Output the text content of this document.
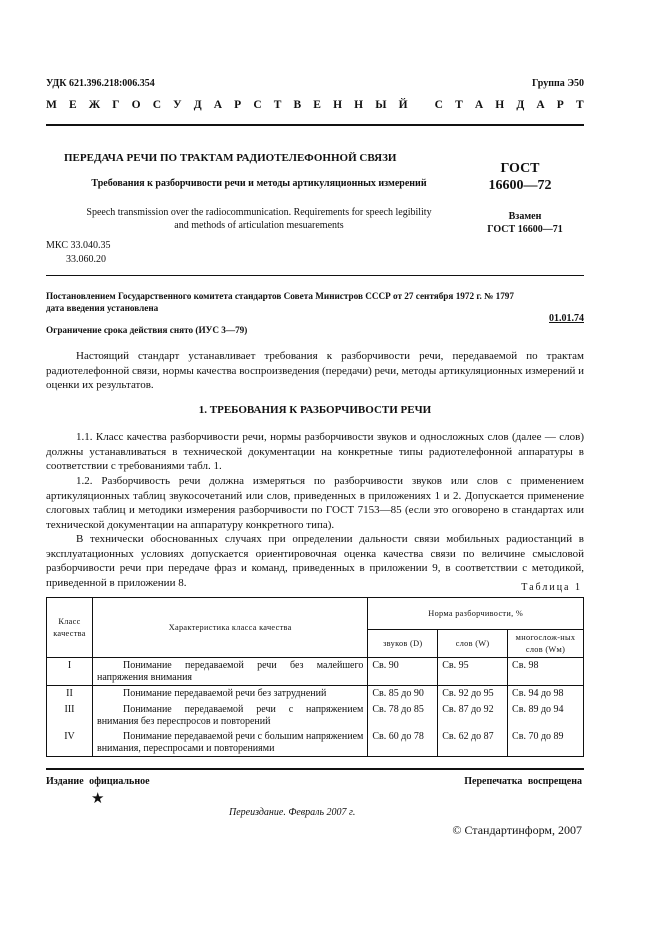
УДК 621.396.218:006.354	Группа Э50
М Е Ж Г О С У Д А Р С Т В Е Н Н Ы Й
С Т А Н Д А Р Т
ПЕРЕДАЧА РЕЧИ ПО ТРАКТАМ РАДИОТЕЛЕФОННОЙ СВЯЗИ
Требования к разборчивости речи и методы артикуляционных измерений
Speech transmission over the radiocommunication. Requirements for speech legibility
and methods of articulation mesuarements
ГОСТ
16600—72
Взамен
ГОСТ 16600—71
МКС 33.040.35
33.060.20
Постановлением Государственного комитета стандартов Совета Министров СССР от 27 сентября 1972 г. № 1797
дата введения установлена
01.01.74
Ограничение срока действия снято (ИУС 3—79)
Настоящий стандарт устанавливает требования к разборчивости речи, передаваемой по трактам радиотелефонной связи, нормы качества воспроизведения (передачи) речи, методы артикуляционных измерений и оценки их результатов.
1. ТРЕБОВАНИЯ К РАЗБОРЧИВОСТИ РЕЧИ
1.1. Класс качества разборчивости речи, нормы разборчивости звуков и односложных слов (далее — слов) должны устанавливаться в технической документации на конкретные типы радиотелефонной аппаратуры в соответствии с требованиями табл. 1.
1.2. Разборчивость речи должна измеряться по разборчивости звуков или слов с применением артикуляционных таблиц звукосочетаний или слов, приведенных в приложениях 1 и 2. Допускается применение слоговых таблиц и методики измерения разборчивости по ГОСТ 7153—85 (если это оговорено в стандартах или технической документации на аппаратуру конкретного типа).
В технически обоснованных случаях при определении дальности связи мобильных радиостанций в эксплуатационных условиях допускается ориентировочная оценка качества связи по величине смысловой разборчивости речи при передаче фраз и команд, приведенных в приложении 9, в соответствии с методикой, приведенной в приложении 8.	Таблица 1
Класс качества	Характеристика класса качества	Норма разборчивости, %		
		звуков (D)	слов (W)	многослож-ных слов (Wм)
I	Понимание передаваемой речи без малейшего напряжения внимания	Св. 90	Св. 95	Св. 98
II	Понимание передаваемой речи без затруднений	Св. 85 до 90	Св. 92 до 95	Св. 94 до 98
III	Понимание передаваемой речи с напряжением внимания без переспросов и повторений	Св. 78 до 85	Св. 87 до 92	Св. 89 до 94
IV	Понимание передаваемой речи с большим напряжением внимания, переспросами и повторениями	Св. 60 до 78	Св. 62 до 87	Св. 70 до 89
Издание официальное	Перепечатка воспрещена
★
Переиздание. Февраль 2007 г.
© Стандартинформ, 2007
